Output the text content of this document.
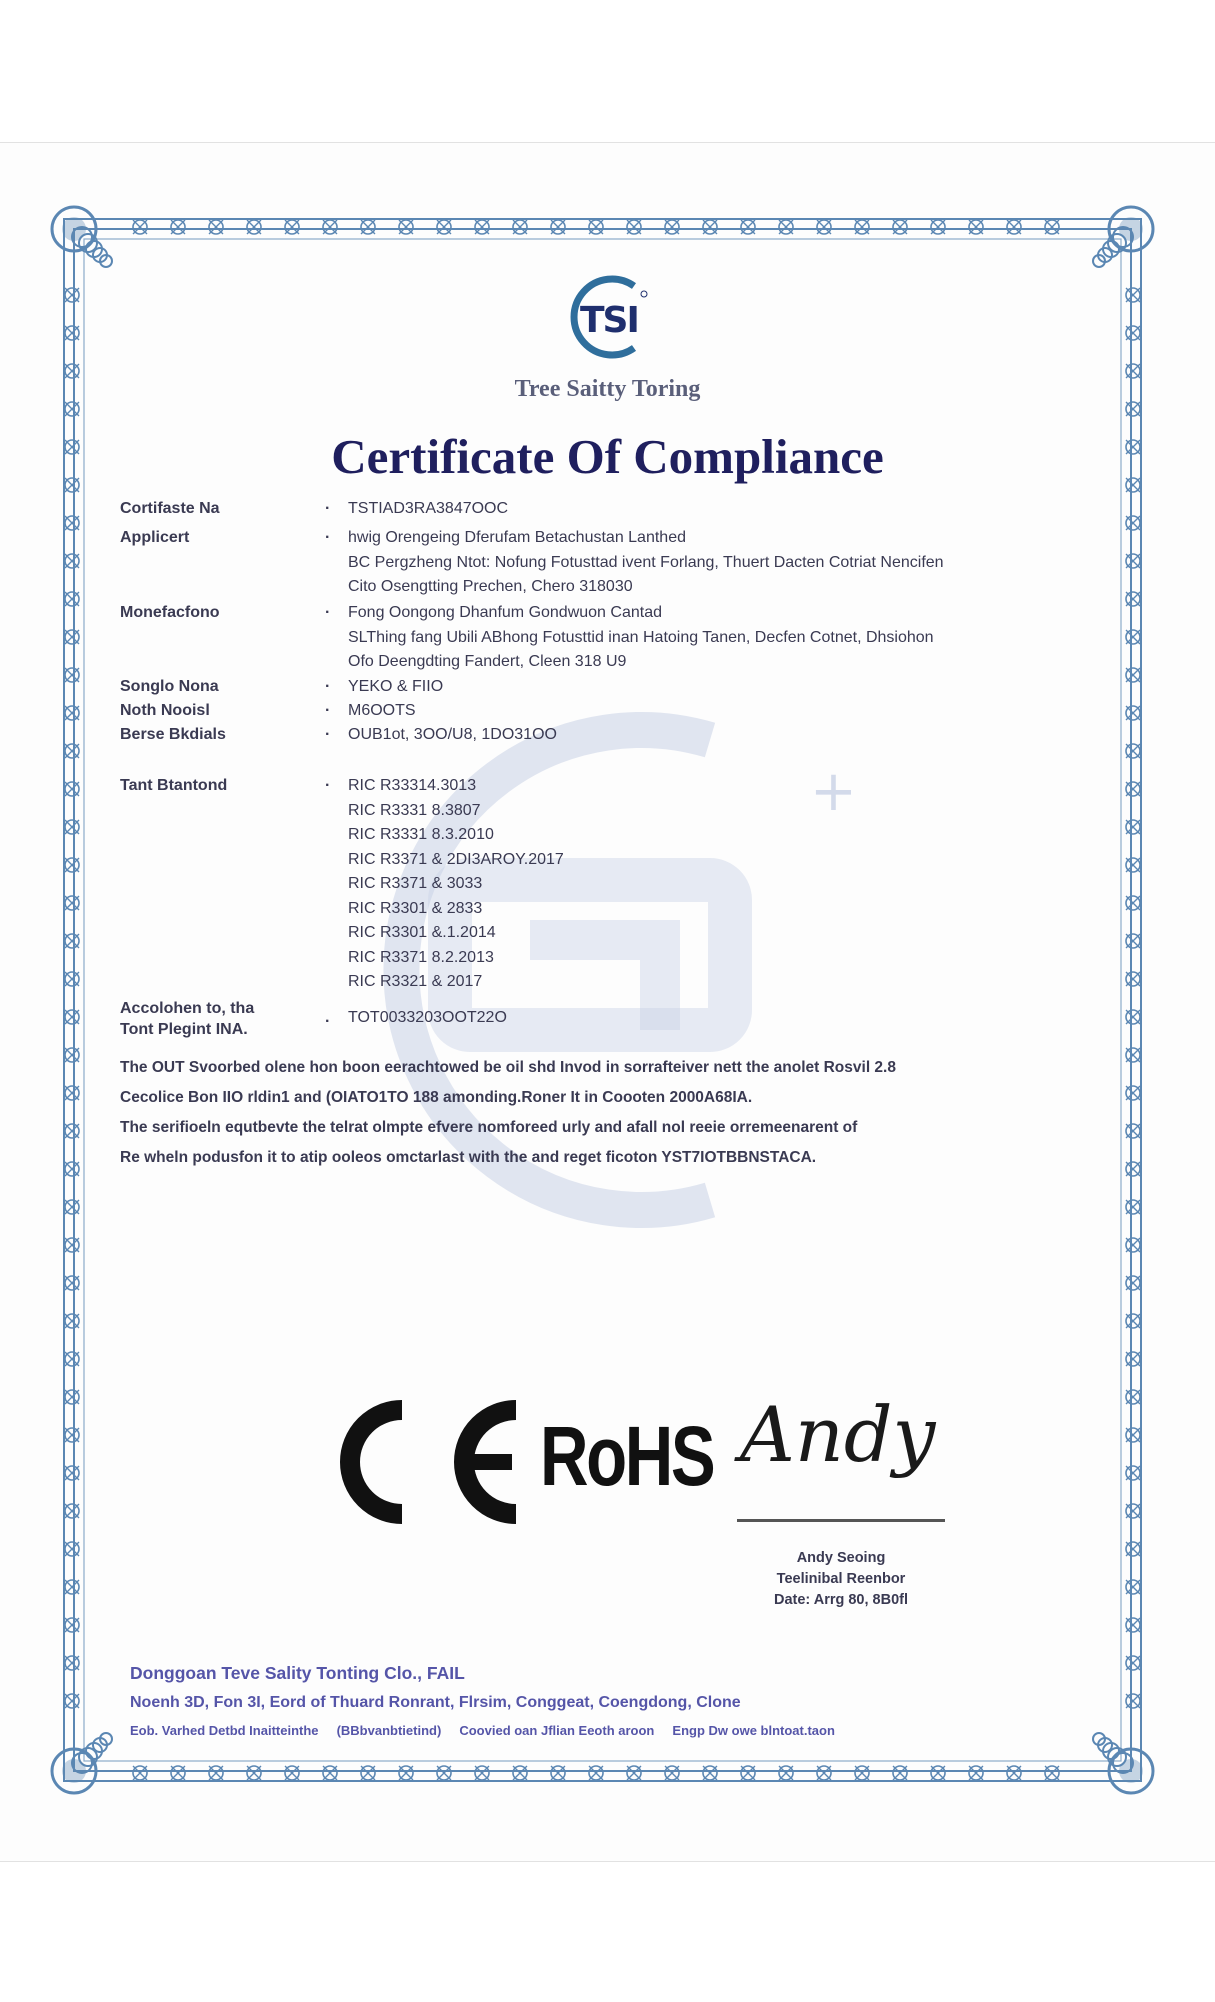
+
TSI
Tree Saitty Toring
Certificate Of Compliance
Cortifaste Na	· TSTIAD3RA3847OOC
Applicert	· hwig Orengeing Dferufam Betachustan Lanthed
BC Pergzheng Ntot: Nofung Fotusttad ivent Forlang, Thuert Dacten Cotriat Nencifen
Cito Osengtting Prechen, Chero 318030
Monefacfono	· Fong Oongong Dhanfum Gondwuon Cantad
SLThing fang Ubili ABhong Fotusttid inan Hatoing Tanen, Decfen Cotnet, Dhsiohon
Ofo Deengdting Fandert, Cleen 318 U9
Songlo Nona	· YEKO & FIIO
Noth Nooisl	· M6OOTS
Berse Bkdials	· OUB1ot, 3OO/U8, 1DO31OO
Tant Btantond	· RIC R33314.3013
RIC R3331 8.3807
RIC R3331 8.3.2010
RIC R3371 & 2DI3AROY.2017
RIC R3371 & 3033
RIC R3301 & 2833
RIC R3301 &.1.2014
RIC R3371 8.2.2013
RIC R3321 & 2017
Accolohen to, tha Tont Plegint INA.	· TOT0033203OOT22O
The OUT Svoorbed olene hon boon eerachtowed be oil shd Invod in sorrafteiver nett the anolet Rosvil 2.8
Cecolice Bon IIO rldin1 and (OIATO1TO 188 amonding.Roner It in Coooten 2000A68IA.
The serifioeln equtbevte the telrat olmpte efvere nomforeed urly and afall nol reeie orremeenarent of
Re wheln podusfon it to atip ooleos omctarlast with the and reget ficoton YST7IOTBBNSTACA.
RoHS Andy
Andy Seoing
Teelinibal Reenbor
Date: Arrg 80, 8B0fl
Donggoan Teve Sality Tonting Clo., FAIL
Noenh 3D, Fon 3I, Eord of Thuard Ronrant, Flrsim, Conggeat, Coengdong, Clone
Eob. Varhed Detbd Inaitteinthe     (BBbvanbtietind)     Coovied oan Jflian Eeoth aroon     Engp Dw owe blntoat.taon
